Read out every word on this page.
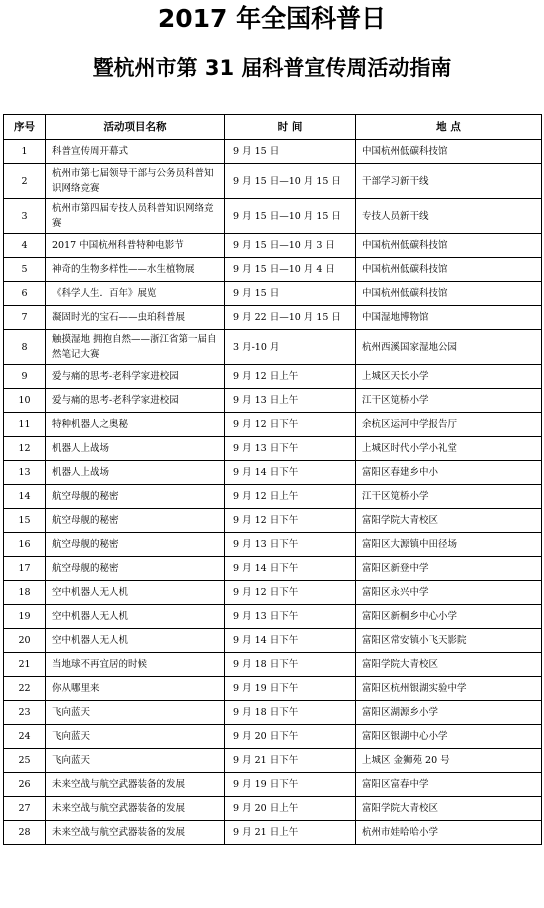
2017 年全国科普日
暨杭州市第 31 届科普宣传周活动指南
序号	活动项目名称	时 间	地 点
1	科普宣传周开幕式	9 月 15 日	中国杭州低碳科技馆
2	杭州市第七届领导干部与公务员科普知识网络竞赛	9 月 15 日—10 月 15 日	干部学习新干线
3	杭州市第四届专技人员科普知识网络竞赛	9 月 15 日—10 月 15 日	专技人员新干线
4	2017 中国杭州科普特种电影节	9 月 15 日—10 月 3 日	中国杭州低碳科技馆
5	神奇的生物多样性——水生植物展	9 月 15 日—10 月 4 日	中国杭州低碳科技馆
6	《科学人生．百年》展览	9 月 15 日	中国杭州低碳科技馆
7	凝固时光的宝石——虫珀科普展	9 月 22 日—10 月 15 日	中国湿地博物馆
8	触摸湿地 拥抱自然——浙江省第一届自然笔记大赛	3 月-10 月	杭州西溪国家湿地公园
9	爱与痛的思考-老科学家进校园	9 月 12 日上午	上城区天长小学
10	爱与痛的思考-老科学家进校园	9 月 13 日上午	江干区笕桥小学
11	特种机器人之奥秘	9 月 12 日下午	余杭区运河中学报告厅
12	机器人上战场	9 月 13 日下午	上城区时代小学小礼堂
13	机器人上战场	9 月 14 日下午	富阳区春建乡中小
14	航空母舰的秘密	9 月 12 日上午	江干区笕桥小学
15	航空母舰的秘密	9 月 12 日下午	富阳学院大青校区
16	航空母舰的秘密	9 月 13 日下午	富阳区大源镇中田径场
17	航空母舰的秘密	9 月 14 日下午	富阳区新登中学
18	空中机器人无人机	9 月 12 日下午	富阳区永兴中学
19	空中机器人无人机	9 月 13 日下午	富阳区新桐乡中心小学
20	空中机器人无人机	9 月 14 日下午	富阳区常安镇小飞天影院
21	当地球不再宜居的时候	9 月 18 日下午	富阳学院大青校区
22	你从哪里来	9 月 19 日下午	富阳区杭州银湖实验中学
23	飞向蓝天	9 月 18 日下午	富阳区湖源乡小学
24	飞向蓝天	9 月 20 日下午	富阳区银湖中心小学
25	飞向蓝天	9 月 21 日下午	上城区 金狮苑 20 号
26	未来空战与航空武器装备的发展	9 月 19 日下午	富阳区富春中学
27	未来空战与航空武器装备的发展	9 月 20 日上午	富阳学院大青校区
28	未来空战与航空武器装备的发展	9 月 21 日上午	杭州市娃哈哈小学
